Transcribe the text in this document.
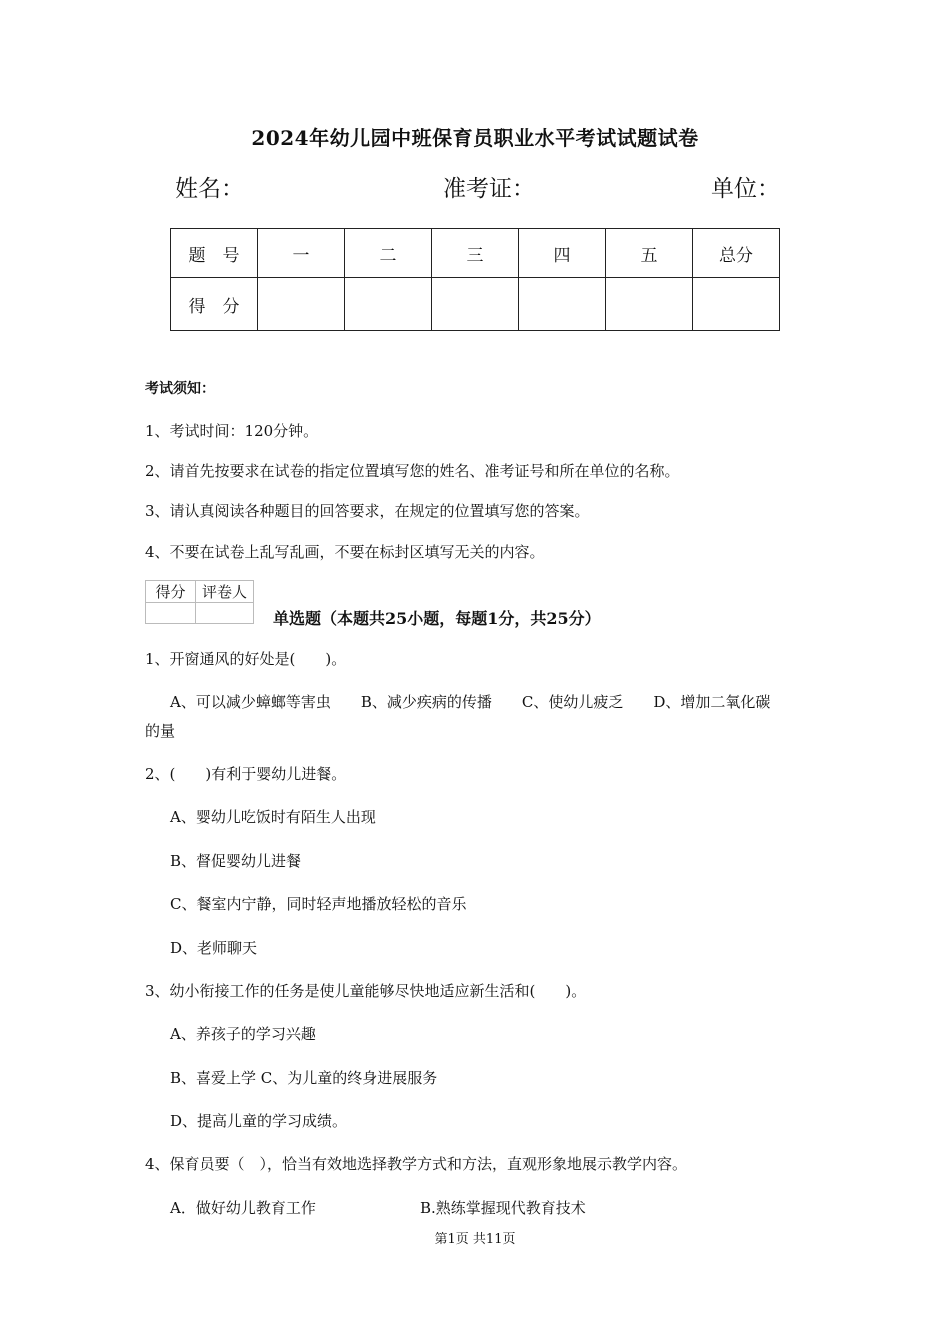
2024年幼儿园中班保育员职业水平考试试题试卷
姓名：	准考证：	单位：
题　号	一	二	三	四	五	总分
得　分						
考试须知：
1、考试时间：120分钟。
2、请首先按要求在试卷的指定位置填写您的姓名、准考证号和所在单位的名称。
3、请认真阅读各种题目的回答要求，在规定的位置填写您的答案。
4、不要在试卷上乱写乱画，不要在标封区填写无关的内容。
得分	评卷人

单选题（本题共25小题，每题1分，共25分）
1、开窗通风的好处是(　　)。
A、可以减少蟑螂等害虫　　B、减少疾病的传播　　C、使幼儿疲乏　　D、增加二氧化碳
的量
2、(　　)有利于婴幼儿进餐。
A、婴幼儿吃饭时有陌生人出现
B、督促婴幼儿进餐
C、餐室内宁静，同时轻声地播放轻松的音乐
D、老师聊天
3、幼小衔接工作的任务是使儿童能够尽快地适应新生活和(　　)。
A、养孩子的学习兴趣
B、喜爱上学 C、为儿童的终身进展服务
D、提高儿童的学习成绩。
4、保育员要（　），恰当有效地选择教学方式和方法，直观形象地展示教学内容。
A．做好幼儿教育工作	B.熟练掌握现代教育技术
第1页 共11页
